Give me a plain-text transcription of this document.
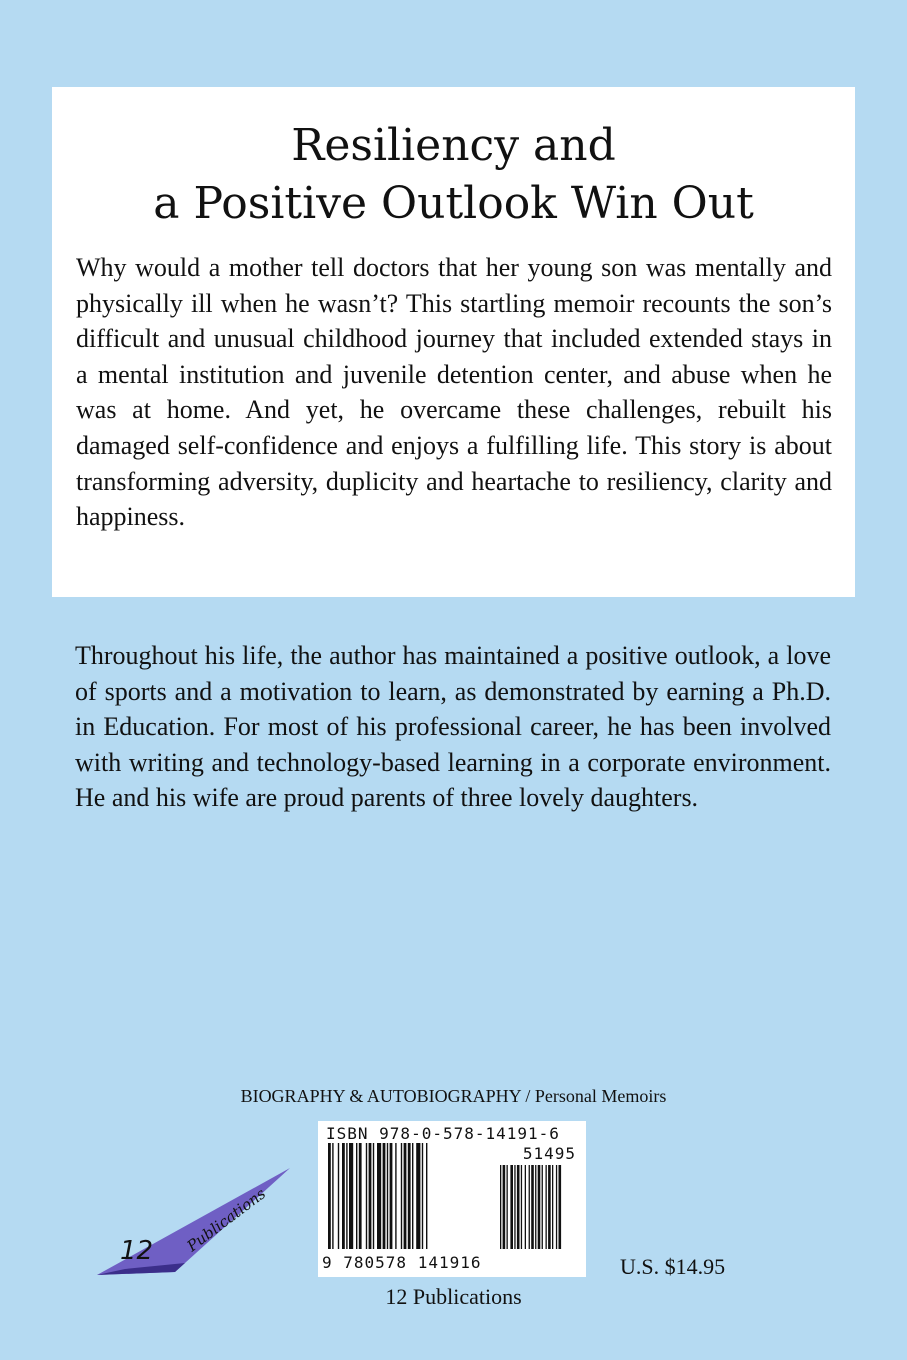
Resiliency and
a Positive Outlook Win Out

Why would a mother tell doctors that her young son was mentally and physically ill when he wasn’t? This startling memoir recounts the son’s difficult and unusual childhood journey that included extended stays in a mental institution and juvenile detention center, and abuse when he was at home. And yet, he overcame these challenges, rebuilt his damaged self-confidence and enjoys a fulfilling life. This story is about transforming adversity, duplicity and heartache to resiliency, clarity and happiness.

Throughout his life, the author has maintained a positive outlook, a love of sports and a motivation to learn, as demonstrated by earning a Ph.D. in Education. For most of his professional career, he has been involved with writing and technology-based learning in a corporate environment. He and his wife are proud parents of three lovely daughters.

BIOGRAPHY & AUTOBIOGRAPHY / Personal Memoirs
12 Publications
ISBN 978-0-578-14191-6
51495
9 780578 141916	U.S. $14.95
12 Publications
